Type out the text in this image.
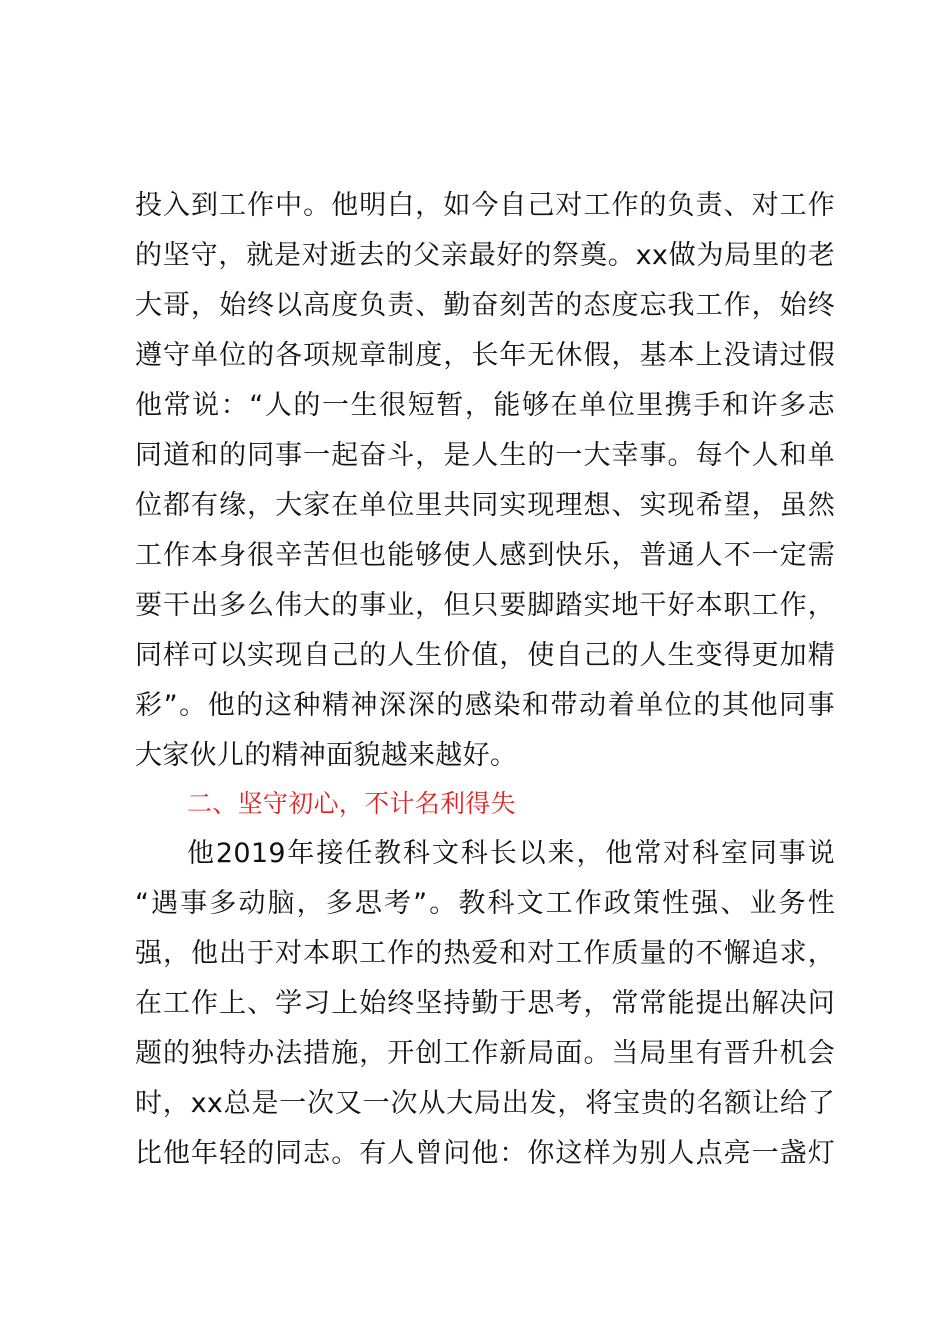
投入到工作中。他明白，如今自己对工作的负责、对工作
的坚守，就是对逝去的父亲最好的祭奠。xx做为局里的老
大哥，始终以高度负责、勤奋刻苦的态度忘我工作，始终
遵守单位的各项规章制度，长年无休假，基本上没请过假
他常说：“人的一生很短暂，能够在单位里携手和许多志
同道和的同事一起奋斗，是人生的一大幸事。每个人和单
位都有缘，大家在单位里共同实现理想、实现希望，虽然
工作本身很辛苦但也能够使人感到快乐，普通人不一定需
要干出多么伟大的事业，但只要脚踏实地干好本职工作，
同样可以实现自己的人生价值，使自己的人生变得更加精
彩”。他的这种精神深深的感染和带动着单位的其他同事
大家伙儿的精神面貌越来越好。
二、坚守初心，不计名利得失
他2019年接任教科文科长以来，他常对科室同事说
“遇事多动脑，多思考”。教科文工作政策性强、业务性
强，他出于对本职工作的热爱和对工作质量的不懈追求，
在工作上、学习上始终坚持勤于思考，常常能提出解决问
题的独特办法措施，开创工作新局面。当局里有晋升机会
时，xx总是一次又一次从大局出发，将宝贵的名额让给了
比他年轻的同志。有人曾问他：你这样为别人点亮一盏灯
